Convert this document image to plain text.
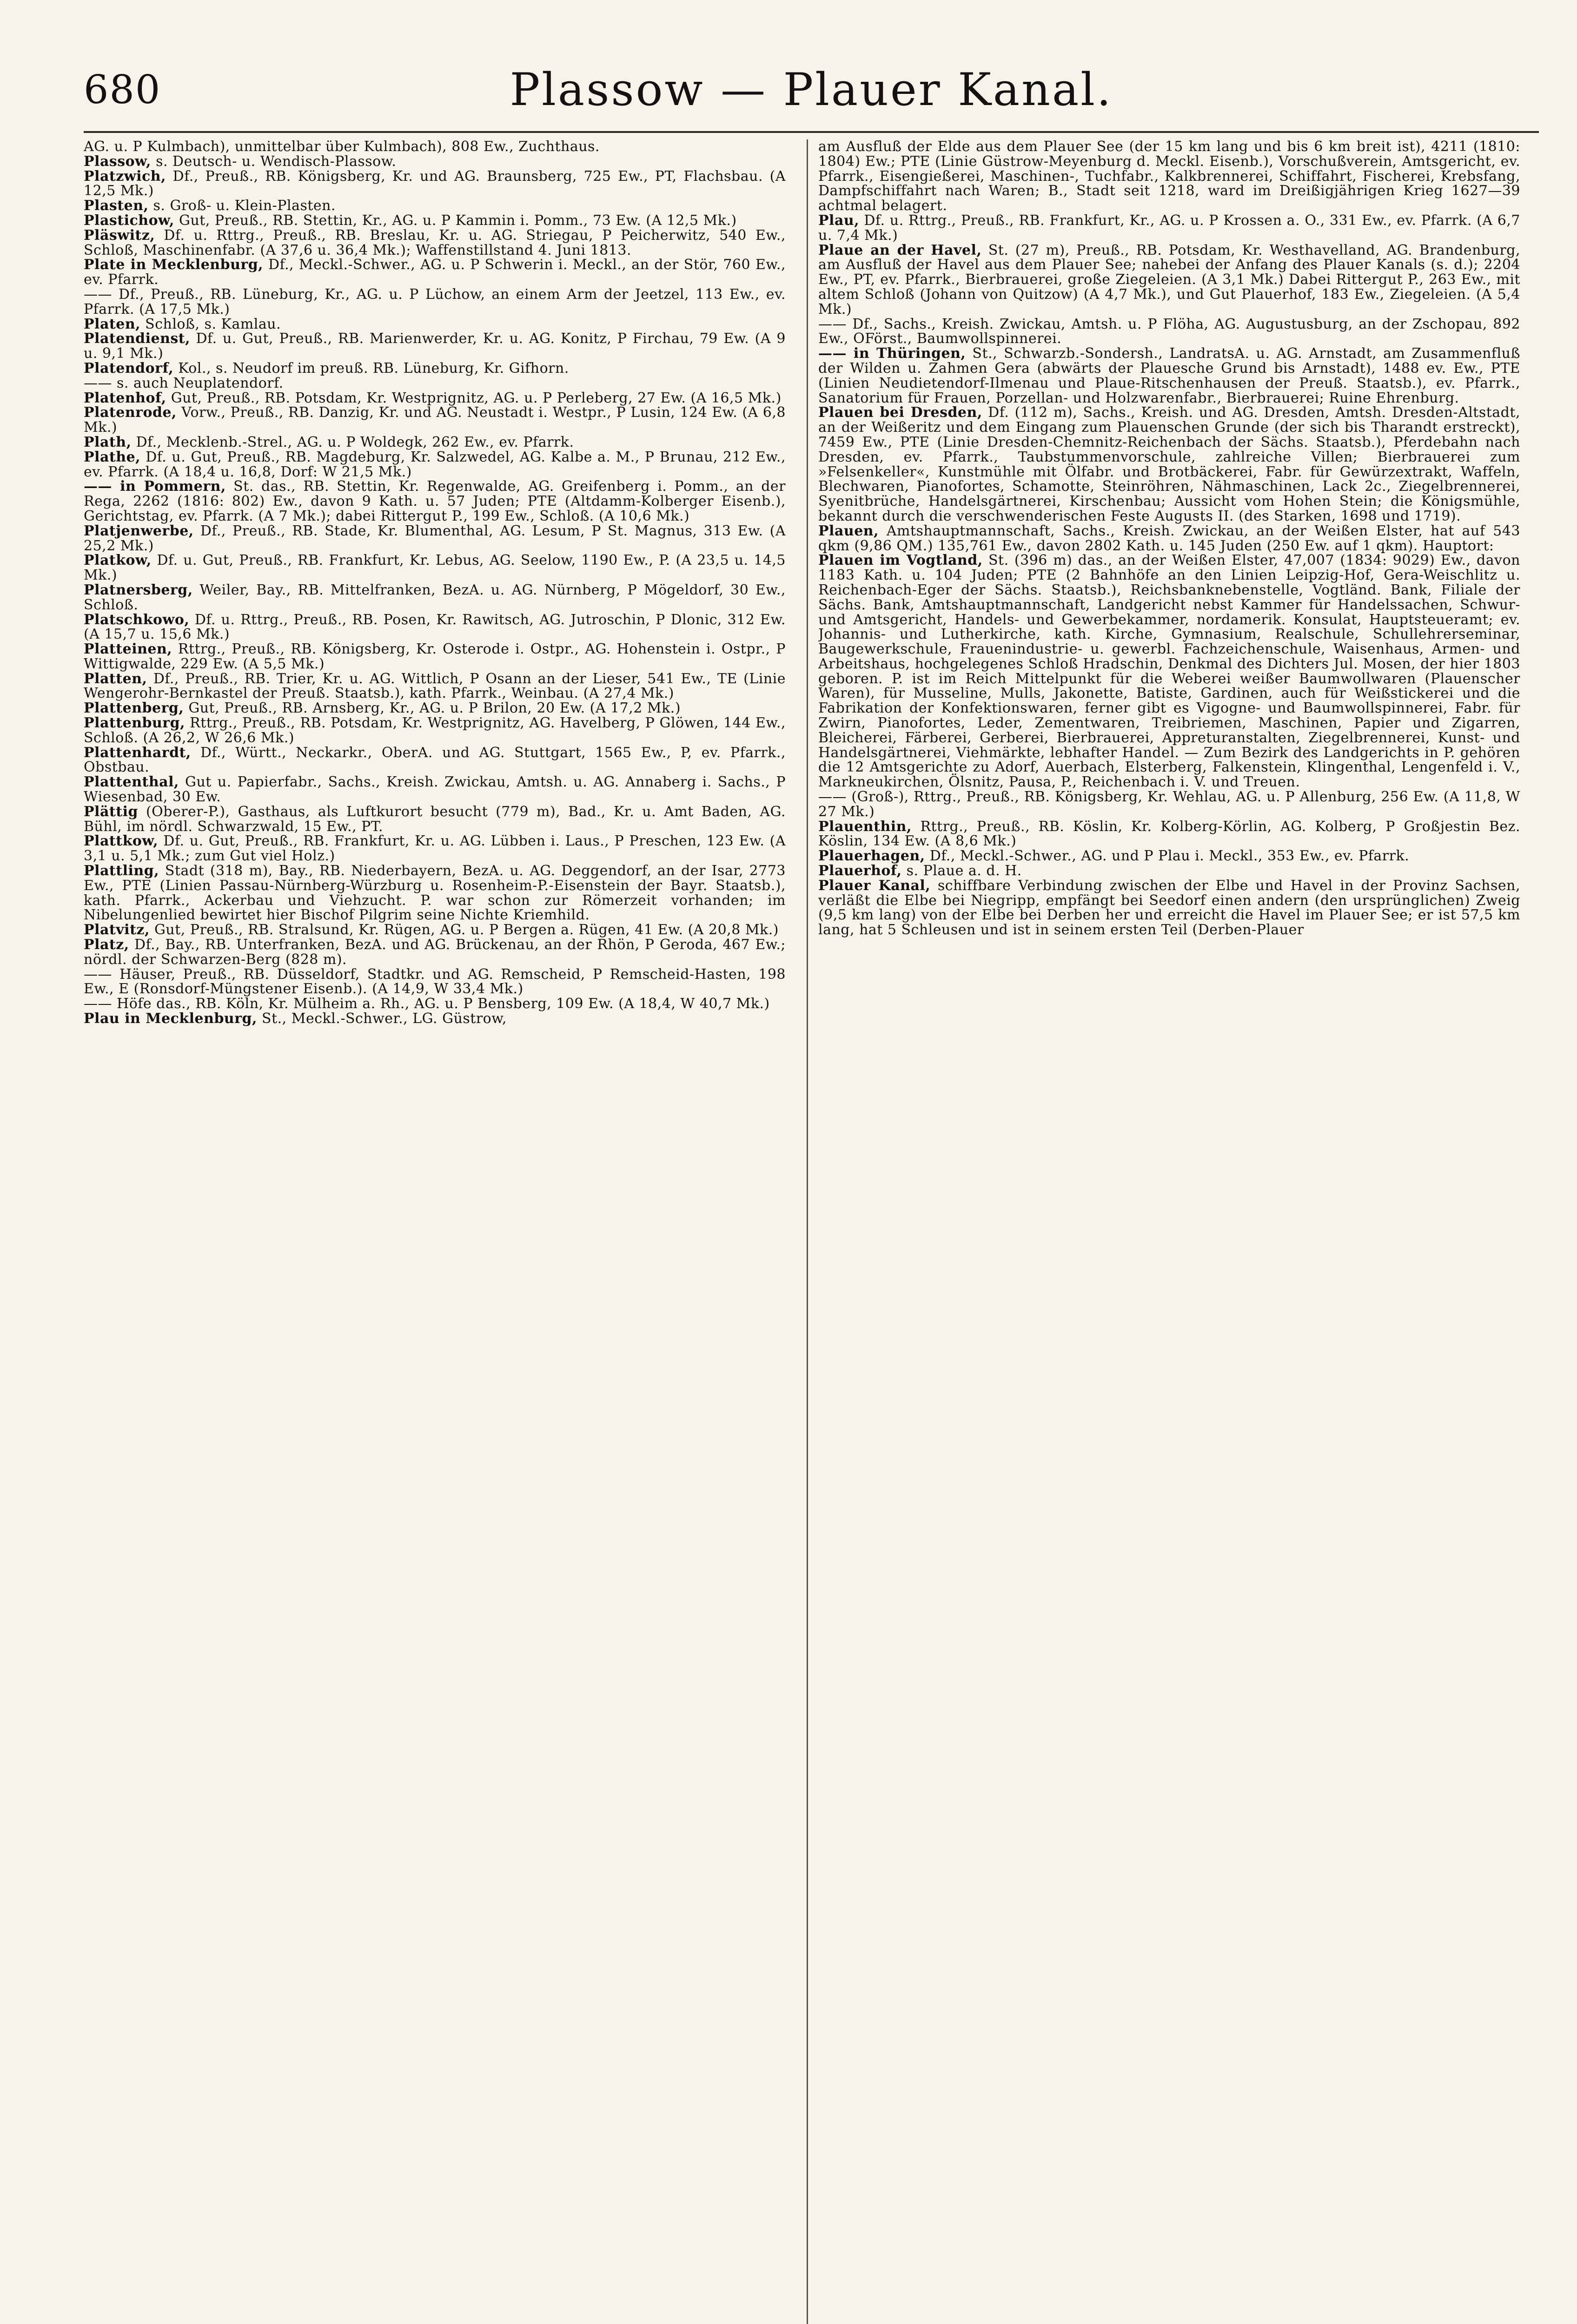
680	Plassow — Plauer Kanal.

AG. u. P Kulmbach), unmittelbar über Kulmbach), 808 Ew., Zuchthaus.

Plassow, s. Deutsch- u. Wendisch-Plassow.

Platzwich, Df., Preuß., RB. Königsberg, Kr. und AG. Braunsberg, 725 Ew., PT, Flachsbau. (A 12,5 Mk.)

Plasten, s. Groß- u. Klein-Plasten.

Plastichow, Gut, Preuß., RB. Stettin, Kr., AG. u. P Kammin i. Pomm., 73 Ew. (A 12,5 Mk.)

Pläswitz, Df. u. Rttrg., Preuß., RB. Breslau, Kr. u. AG. Striegau, P Peicherwitz, 540 Ew., Schloß, Maschinenfabr. (A 37,6 u. 36,4 Mk.); Waffenstillstand 4. Juni 1813.

Plate in Mecklenburg, Df., Meckl.-Schwer., AG. u. P Schwerin i. Meckl., an der Stör, 760 Ew., ev. Pfarrk.

—— Df., Preuß., RB. Lüneburg, Kr., AG. u. P Lüchow, an einem Arm der Jeetzel, 113 Ew., ev. Pfarrk. (A 17,5 Mk.)

Platen, Schloß, s. Kamlau.

Platendienst, Df. u. Gut, Preuß., RB. Marienwerder, Kr. u. AG. Konitz, P Firchau, 79 Ew. (A 9 u. 9,1 Mk.)

Platendorf, Kol., s. Neudorf im preuß. RB. Lüneburg, Kr. Gifhorn.

—— s. auch Neuplatendorf.

Platenhof, Gut, Preuß., RB. Potsdam, Kr. Westprignitz, AG. u. P Perleberg, 27 Ew. (A 16,5 Mk.)

Platenrode, Vorw., Preuß., RB. Danzig, Kr. und AG. Neustadt i. Westpr., P Lusin, 124 Ew. (A 6,8 Mk.)

Plath, Df., Mecklenb.-Strel., AG. u. P Woldegk, 262 Ew., ev. Pfarrk.

Plathe, Df. u. Gut, Preuß., RB. Magdeburg, Kr. Salzwedel, AG. Kalbe a. M., P Brunau, 212 Ew., ev. Pfarrk. (A 18,4 u. 16,8, Dorf: W 21,5 Mk.)

—— in Pommern, St. das., RB. Stettin, Kr. Regenwalde, AG. Greifenberg i. Pomm., an der Rega, 2262 (1816: 802) Ew., davon 9 Kath. u. 57 Juden; PTE (Altdamm-Kolberger Eisenb.), Gerichtstag, ev. Pfarrk. (A 7 Mk.); dabei Rittergut P., 199 Ew., Schloß. (A 10,6 Mk.)

Platjenwerbe, Df., Preuß., RB. Stade, Kr. Blumenthal, AG. Lesum, P St. Magnus, 313 Ew. (A 25,2 Mk.)

Platkow, Df. u. Gut, Preuß., RB. Frankfurt, Kr. Lebus, AG. Seelow, 1190 Ew., P. (A 23,5 u. 14,5 Mk.)

Platnersberg, Weiler, Bay., RB. Mittelfranken, BezA. u. AG. Nürnberg, P Mögeldorf, 30 Ew., Schloß.

Platschkowo, Df. u. Rttrg., Preuß., RB. Posen, Kr. Rawitsch, AG. Jutroschin, P Dlonic, 312 Ew. (A 15,7 u. 15,6 Mk.)

Platteinen, Rttrg., Preuß., RB. Königsberg, Kr. Osterode i. Ostpr., AG. Hohenstein i. Ostpr., P Wittigwalde, 229 Ew. (A 5,5 Mk.)

Platten, Df., Preuß., RB. Trier, Kr. u. AG. Wittlich, P Osann an der Lieser, 541 Ew., TE (Linie Wengerohr-Bernkastel der Preuß. Staatsb.), kath. Pfarrk., Weinbau. (A 27,4 Mk.)

Plattenberg, Gut, Preuß., RB. Arnsberg, Kr., AG. u. P Brilon, 20 Ew. (A 17,2 Mk.)

Plattenburg, Rttrg., Preuß., RB. Potsdam, Kr. Westprignitz, AG. Havelberg, P Glöwen, 144 Ew., Schloß. (A 26,2, W 26,6 Mk.)

Plattenhardt, Df., Württ., Neckarkr., OberA. und AG. Stuttgart, 1565 Ew., P, ev. Pfarrk., Obstbau.

Plattenthal, Gut u. Papierfabr., Sachs., Kreish. Zwickau, Amtsh. u. AG. Annaberg i. Sachs., P Wiesenbad, 30 Ew.

Plättig (Oberer-P.), Gasthaus, als Luftkurort besucht (779 m), Bad., Kr. u. Amt Baden, AG. Bühl, im nördl. Schwarzwald, 15 Ew., PT.

Plattkow, Df. u. Gut, Preuß., RB. Frankfurt, Kr. u. AG. Lübben i. Laus., P Preschen, 123 Ew. (A 3,1 u. 5,1 Mk.; zum Gut viel Holz.)

Plattling, Stadt (318 m), Bay., RB. Niederbayern, BezA. u. AG. Deggendorf, an der Isar, 2773 Ew., PTE (Linien Passau-Nürnberg-Würzburg u. Rosenheim-P.-Eisenstein der Bayr. Staatsb.), kath. Pfarrk., Ackerbau und Viehzucht. P. war schon zur Römerzeit vorhanden; im Nibelungenlied bewirtet hier Bischof Pilgrim seine Nichte Kriemhild.

Platvitz, Gut, Preuß., RB. Stralsund, Kr. Rügen, AG. u. P Bergen a. Rügen, 41 Ew. (A 20,8 Mk.)

Platz, Df., Bay., RB. Unterfranken, BezA. und AG. Brückenau, an der Rhön, P Geroda, 467 Ew.; nördl. der Schwarzen-Berg (828 m).

—— Häuser, Preuß., RB. Düsseldorf, Stadtkr. und AG. Remscheid, P Remscheid-Hasten, 198 Ew., E (Ronsdorf-Müngstener Eisenb.). (A 14,9, W 33,4 Mk.)

—— Höfe das., RB. Köln, Kr. Mülheim a. Rh., AG. u. P Bensberg, 109 Ew. (A 18,4, W 40,7 Mk.)

Plau in Mecklenburg, St., Meckl.-Schwer., LG. Güstrow,

am Ausfluß der Elde aus dem Plauer See (der 15 km lang und bis 6 km breit ist), 4211 (1810: 1804) Ew.; PTE (Linie Güstrow-Meyenburg d. Meckl. Eisenb.), Vorschußverein, Amtsgericht, ev. Pfarrk., Eisengießerei, Maschinen-, Tuchfabr., Kalkbrennerei, Schiffahrt, Fischerei, Krebsfang, Dampfschiffahrt nach Waren; B., Stadt seit 1218, ward im Dreißigjährigen Krieg 1627—39 achtmal belagert.

Plau, Df. u. Rttrg., Preuß., RB. Frankfurt, Kr., AG. u. P Krossen a. O., 331 Ew., ev. Pfarrk. (A 6,7 u. 7,4 Mk.)

Plaue an der Havel, St. (27 m), Preuß., RB. Potsdam, Kr. Westhavelland, AG. Brandenburg, am Ausfluß der Havel aus dem Plauer See; nahebei der Anfang des Plauer Kanals (s. d.); 2204 Ew., PT, ev. Pfarrk., Bierbrauerei, große Ziegeleien. (A 3,1 Mk.) Dabei Rittergut P., 263 Ew., mit altem Schloß (Johann von Quitzow) (A 4,7 Mk.), und Gut Plauerhof, 183 Ew., Ziegeleien. (A 5,4 Mk.)

—— Df., Sachs., Kreish. Zwickau, Amtsh. u. P Flöha, AG. Augustusburg, an der Zschopau, 892 Ew., OFörst., Baumwollspinnerei.

—— in Thüringen, St., Schwarzb.-Sondersh., LandratsA. u. AG. Arnstadt, am Zusammenfluß der Wilden u. Zahmen Gera (abwärts der Plauesche Grund bis Arnstadt), 1488 ev. Ew., PTE (Linien Neudietendorf-Ilmenau und Plaue-Ritschenhausen der Preuß. Staatsb.), ev. Pfarrk., Sanatorium für Frauen, Porzellan- und Holzwarenfabr., Bierbrauerei; Ruine Ehrenburg.

Plauen bei Dresden, Df. (112 m), Sachs., Kreish. und AG. Dresden, Amtsh. Dresden-Altstadt, an der Weißeritz und dem Eingang zum Plauenschen Grunde (der sich bis Tharandt erstreckt), 7459 Ew., PTE (Linie Dresden-Chemnitz-Reichenbach der Sächs. Staatsb.), Pferdebahn nach Dresden, ev. Pfarrk., Taubstummenvorschule, zahlreiche Villen; Bierbrauerei zum »Felsenkeller«, Kunstmühle mit Ölfabr. und Brotbäckerei, Fabr. für Gewürzextrakt, Waffeln, Blechwaren, Pianofortes, Schamotte, Steinröhren, Nähmaschinen, Lack 2c., Ziegelbrennerei, Syenitbrüche, Handelsgärtnerei, Kirschenbau; Aussicht vom Hohen Stein; die Königsmühle, bekannt durch die verschwenderischen Feste Augusts II. (des Starken, 1698 und 1719).

Plauen, Amtshauptmannschaft, Sachs., Kreish. Zwickau, an der Weißen Elster, hat auf 543 qkm (9,86 QM.) 135,761 Ew., davon 2802 Kath. u. 145 Juden (250 Ew. auf 1 qkm). Hauptort:

Plauen im Vogtland, St. (396 m) das., an der Weißen Elster, 47,007 (1834: 9029) Ew., davon 1183 Kath. u. 104 Juden; PTE (2 Bahnhöfe an den Linien Leipzig-Hof, Gera-Weischlitz u. Reichenbach-Eger der Sächs. Staatsb.), Reichsbanknebenstelle, Vogtländ. Bank, Filiale der Sächs. Bank, Amtshauptmannschaft, Landgericht nebst Kammer für Handelssachen, Schwur- und Amtsgericht, Handels- und Gewerbekammer, nordamerik. Konsulat, Hauptsteueramt; ev. Johannis- und Lutherkirche, kath. Kirche, Gymnasium, Realschule, Schullehrerseminar, Baugewerkschule, Frauenindustrie- u. gewerbl. Fachzeichenschule, Waisenhaus, Armen- und Arbeitshaus, hochgelegenes Schloß Hradschin, Denkmal des Dichters Jul. Mosen, der hier 1803 geboren. P. ist im Reich Mittelpunkt für die Weberei weißer Baumwollwaren (Plauenscher Waren), für Musseline, Mulls, Jakonette, Batiste, Gardinen, auch für Weißstickerei und die Fabrikation der Konfektionswaren, ferner gibt es Vigogne- und Baumwollspinnerei, Fabr. für Zwirn, Pianofortes, Leder, Zementwaren, Treibriemen, Maschinen, Papier und Zigarren, Bleicherei, Färberei, Gerberei, Bierbrauerei, Appreturanstalten, Ziegelbrennerei, Kunst- und Handelsgärtnerei, Viehmärkte, lebhafter Handel. — Zum Bezirk des Landgerichts in P. gehören die 12 Amtsgerichte zu Adorf, Auerbach, Elsterberg, Falkenstein, Klingenthal, Lengenfeld i. V., Markneukirchen, Ölsnitz, Pausa, P., Reichenbach i. V. und Treuen.

—— (Groß-), Rttrg., Preuß., RB. Königsberg, Kr. Wehlau, AG. u. P Allenburg, 256 Ew. (A 11,8, W 27 Mk.)

Plauenthin, Rttrg., Preuß., RB. Köslin, Kr. Kolberg-Körlin, AG. Kolberg, P Großjestin Bez. Köslin, 134 Ew. (A 8,6 Mk.)

Plauerhagen, Df., Meckl.-Schwer., AG. und P Plau i. Meckl., 353 Ew., ev. Pfarrk.

Plauerhof, s. Plaue a. d. H.

Plauer Kanal, schiffbare Verbindung zwischen der Elbe und Havel in der Provinz Sachsen, verläßt die Elbe bei Niegripp, empfängt bei Seedorf einen andern (den ursprünglichen) Zweig (9,5 km lang) von der Elbe bei Derben her und erreicht die Havel im Plauer See; er ist 57,5 km lang, hat 5 Schleusen und ist in seinem ersten Teil (Derben-Plauer
